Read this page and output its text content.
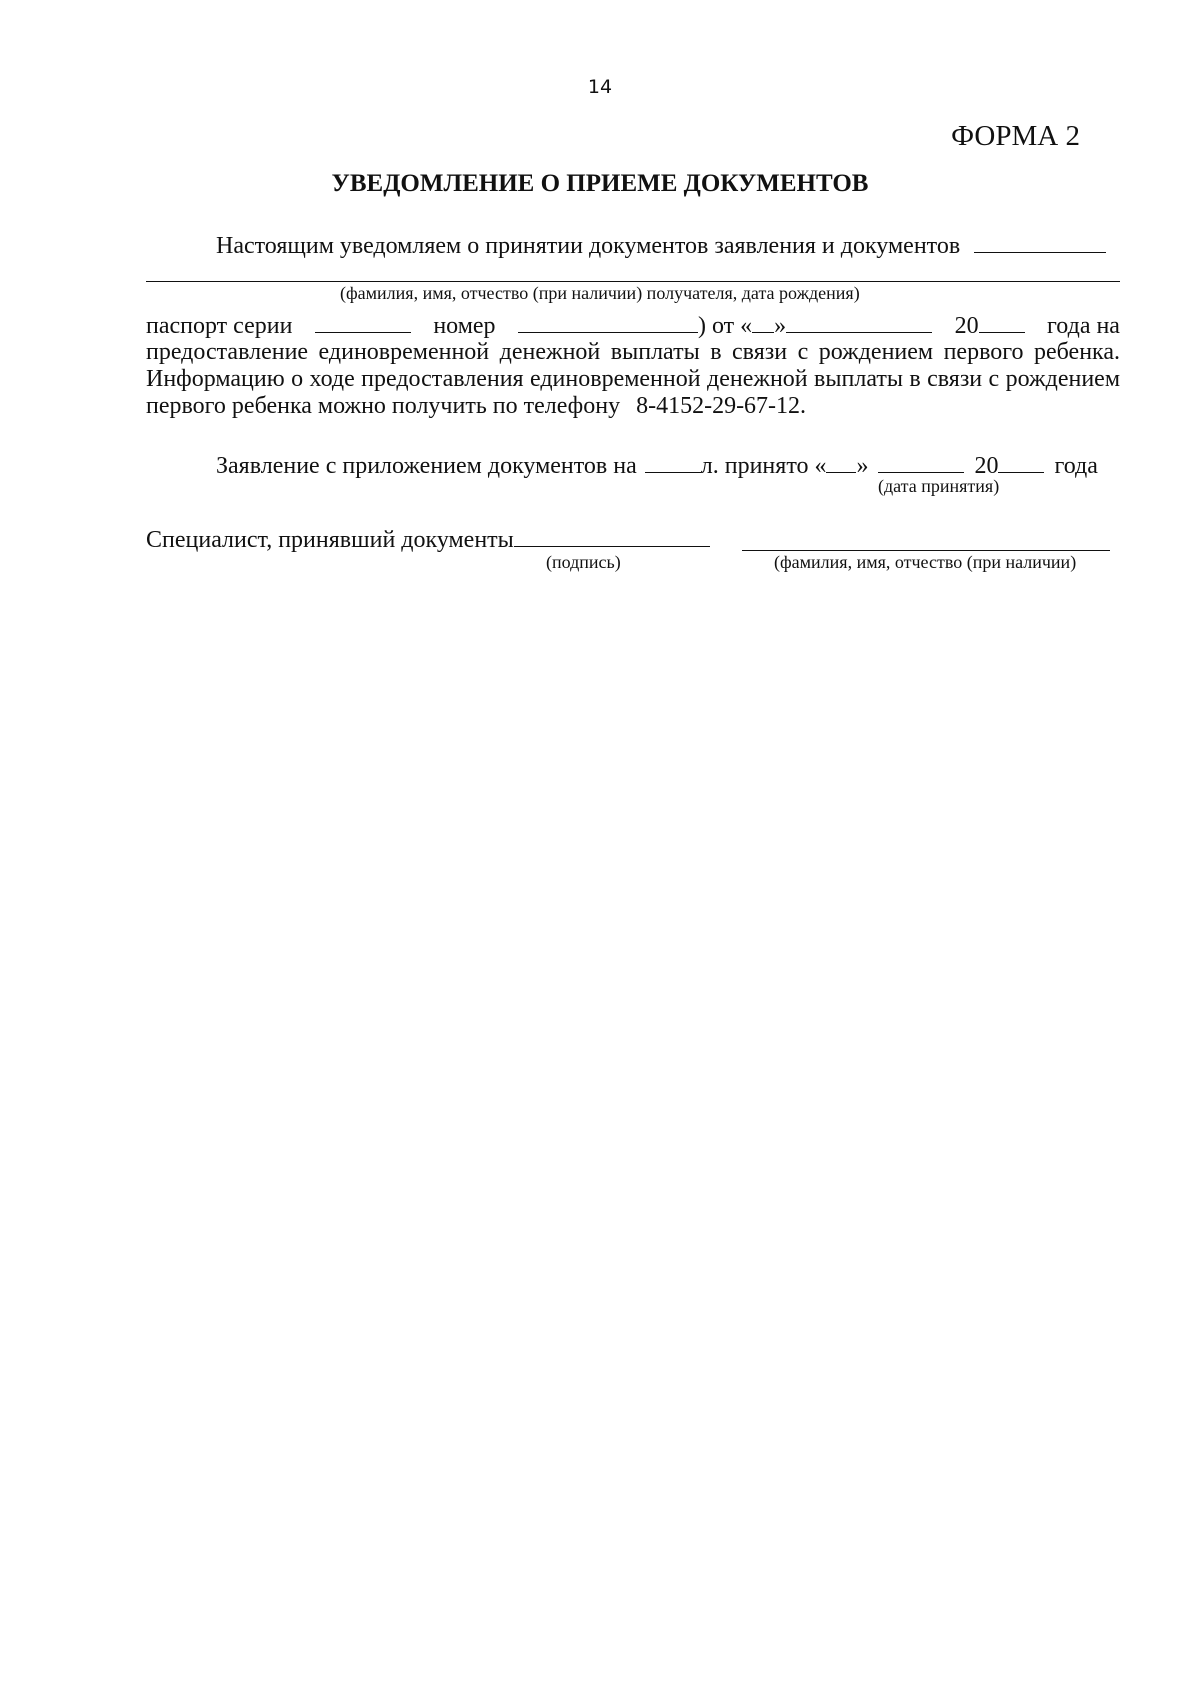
14
ФОРМА 2
УВЕДОМЛЕНИЕ О ПРИЕМЕ ДОКУМЕНТОВ
Настоящим уведомляем о принятии документов заявления и документов
(фамилия, имя, отчество (при наличии) получателя, дата рождения)
паспорт серии	номер	) от « »	20	года на
предоставление единовременной денежной выплаты в связи с рождением первого ребенка.
Информацию о ходе предоставления единовременной денежной выплаты в связи с рождением
первого ребенка можно получить по телефону 8-4152-29-67-12.
Заявление с приложением документов на	л. принято « »	20 года
(дата принятия)
Специалист, принявший документы
(подпись)	(фамилия, имя, отчество (при наличии)
